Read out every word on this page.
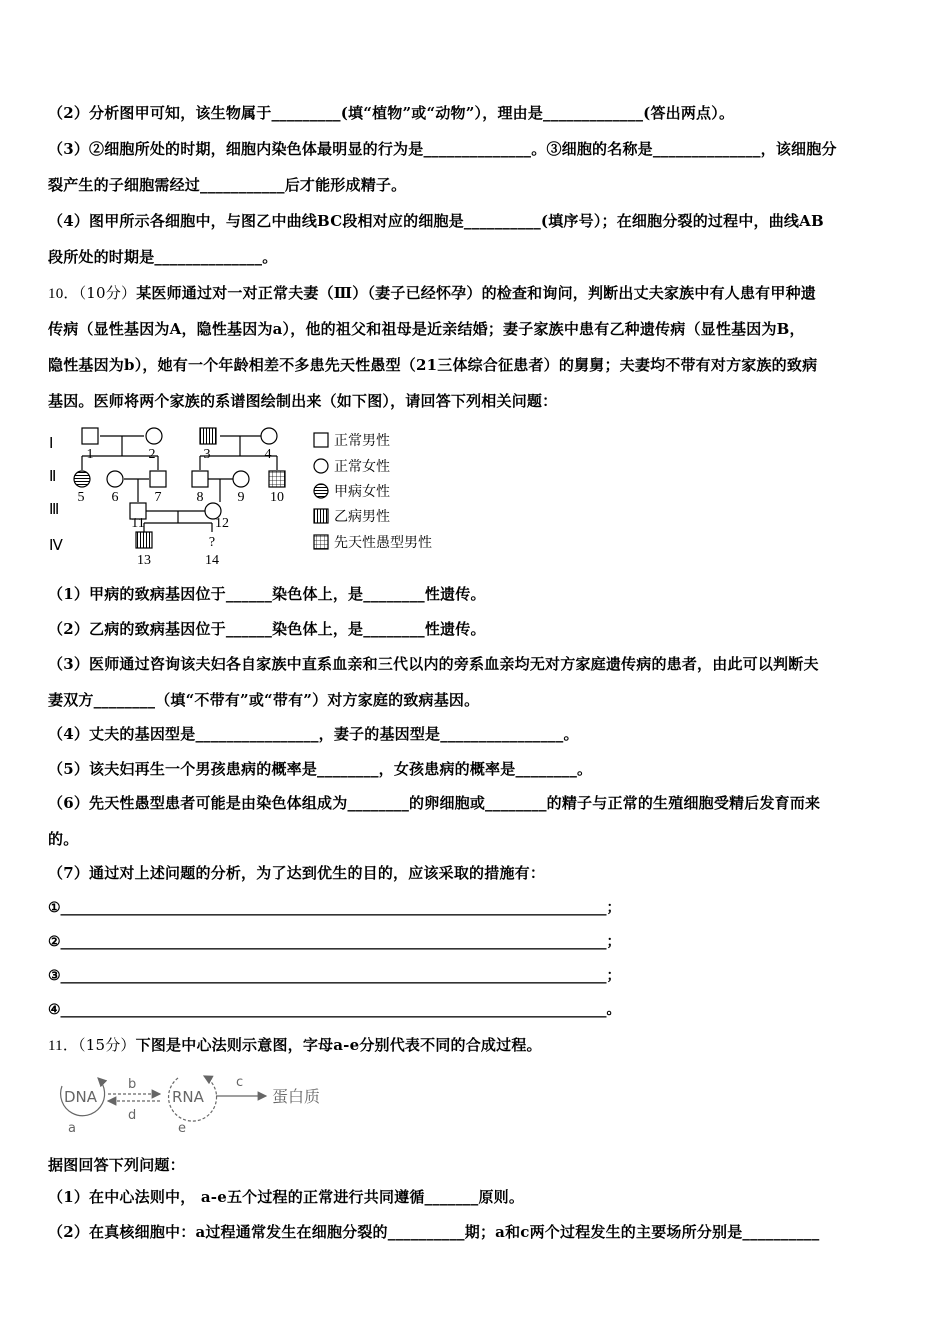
（2）分析图甲可知，该生物属于_________(填“植物”或“动物”），理由是_____________(答出两点）。
（3）②细胞所处的时期，细胞内染色体最明显的行为是______________。③细胞的名称是______________，该细胞分
裂产生的子细胞需经过___________后才能形成精子。
（4）图甲所示各细胞中，与图乙中曲线BC段相对应的细胞是__________(填序号）；在细胞分裂的过程中，曲线AB
段所处的时期是______________。
10．（10分）某医师通过对一对正常夫妻（Ⅲ）（妻子已经怀孕）的检查和询问，判断出丈夫家族中有人患有甲种遗
传病（显性基因为A，隐性基因为a），他的祖父和祖母是近亲结婚；妻子家族中患有乙种遗传病（显性基因为B，
隐性基因为b），她有一个年龄相差不多患先天性愚型（21三体综合征患者）的舅舅；夫妻均不带有对方家族的致病
基因。医师将两个家族的系谱图绘制出来（如下图），请回答下列相关问题：
Ⅰ
Ⅱ
Ⅲ
Ⅳ
1	2	3	4
5 6	7	8 9 10
11	12
13
?
14
正常男性
正常女性
甲病女性
乙病男性
先天性愚型男性
（1）甲病的致病基因位于______染色体上，是________性遗传。
（2）乙病的致病基因位于______染色体上，是________性遗传。
（3）医师通过咨询该夫妇各自家族中直系血亲和三代以内的旁系血亲均无对方家庭遗传病的患者，由此可以判断夫
妻双方________（填“不带有”或“带有”）对方家庭的致病基因。
（4）丈夫的基因型是________________，妻子的基因型是________________。
（5）该夫妇再生一个男孩患病的概率是________，女孩患病的概率是________。
（6）先天性愚型患者可能是由染色体组成为________的卵细胞或________的精子与正常的生殖细胞受精后发育而来
的。
（7）通过对上述问题的分析，为了达到优生的目的，应该采取的措施有：
①______________________________________________________________________________；
②______________________________________________________________________________；
③______________________________________________________________________________；
④______________________________________________________________________________。
11．（15分）下图是中心法则示意图，字母a-e分别代表不同的合成过程。
DNA	RNA	蛋白质
a
b	c
d
e
据图回答下列问题：
（1）在中心法则中， a-e五个过程的正常进行共同遵循_______原则。
（2）在真核细胞中：a过程通常发生在细胞分裂的__________期；a和c两个过程发生的主要场所分别是__________
